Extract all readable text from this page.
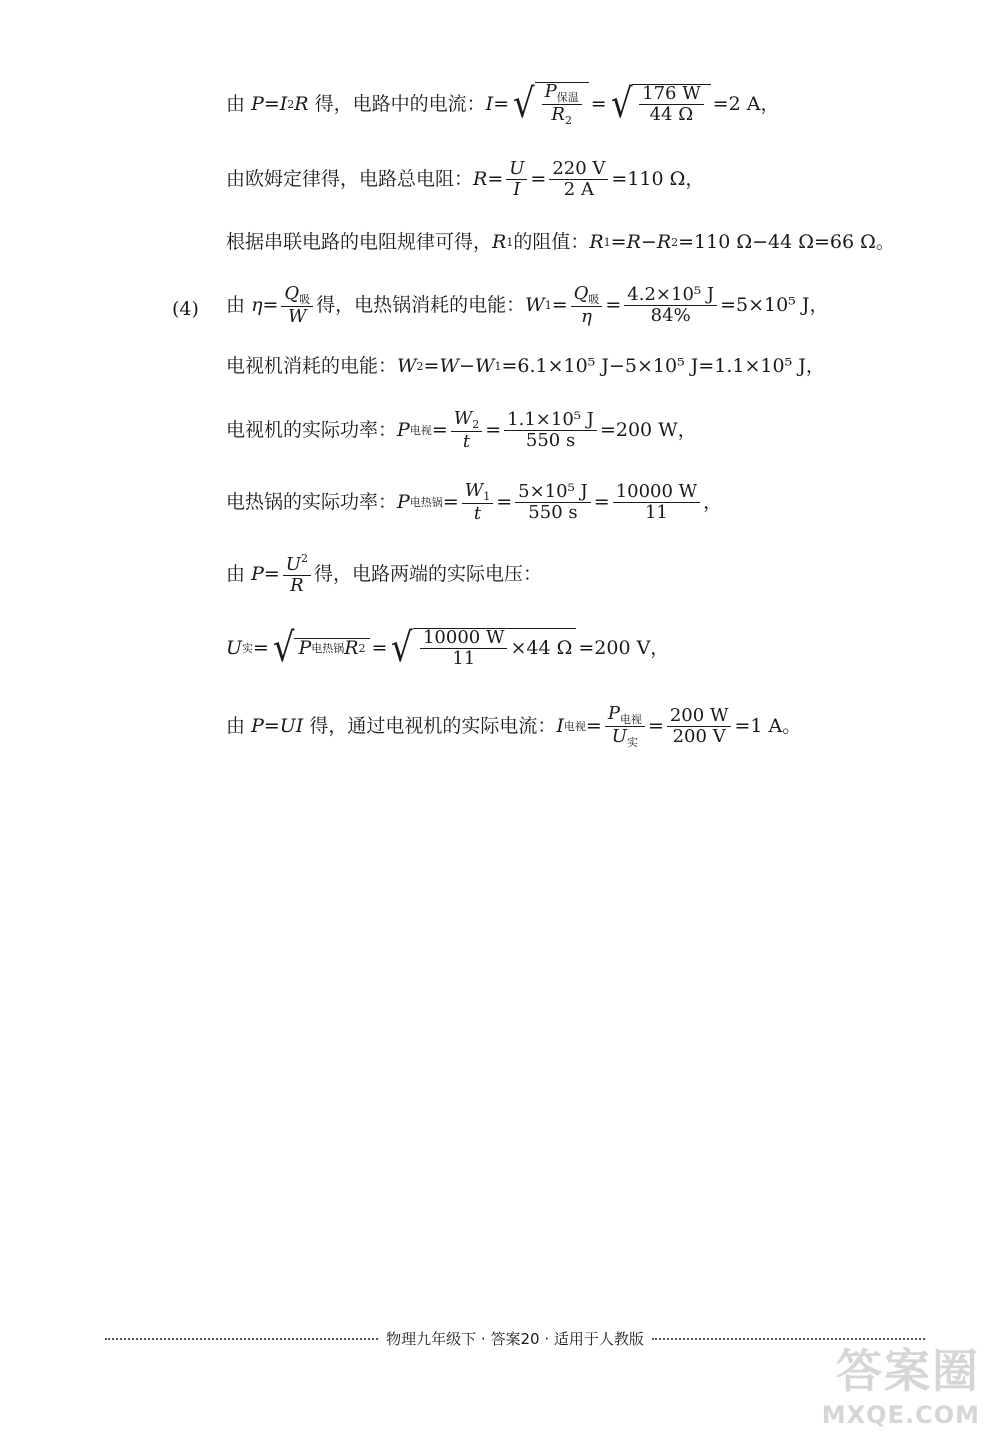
由
P = I 2 R
得，电路中的电流： I = √ $\frac{P_{保温}}{R_2}$ = √ $\frac{176 W}{44 \Omega} =2$ A，
由欧姆定律得，电路总电阻： $R = \frac{U}{I} = \frac{220 V}{2 A} =110$ Ω，
根据串联电路的电阻规律可得， R 1 的阻值： R 1 = R − R 2 =110 Ω−44 Ω=66 Ω。
(4) 由
$\eta = \frac{Q_吸}{W}$ 得，电热锅消耗的电能： W $1 = \frac{Q_吸}{\eta} = \frac{\text{4.2×10⁵ J}}{84\%} =5\times 10^5$ J，
电视机消耗的电能： W 2 = W − W 1 =6.1×10⁵ J−5×10⁵ J=1.1×10⁵ J，
电视机的实际功率： P 电视 = $\frac{W_2}{t} = \frac{\text{1.1×10⁵ J}}{550 s} =200$ W，
电热锅的实际功率： P 电热锅 = $\frac{W_1}{t} = \frac{\text{5×10⁵ J}}{550 s} = \frac{10000 W}{11}$ ，
由
$P = \frac{U^2}{R}$ 得，电路两端的实际电压：
U 实 = √ P 电热锅 R 2 = √ $\frac{10000 W}{11} \times 44$ Ω =200 V，
由
P = UI
得，通过电视机的实际电流： I 电视 = $\frac{P_{电视}}{U_实} = \frac{200 W}{200 V} =1$ A。
物理九年级下 · 答案20 · 适用于人教版
答案圈
MXQE.COM
